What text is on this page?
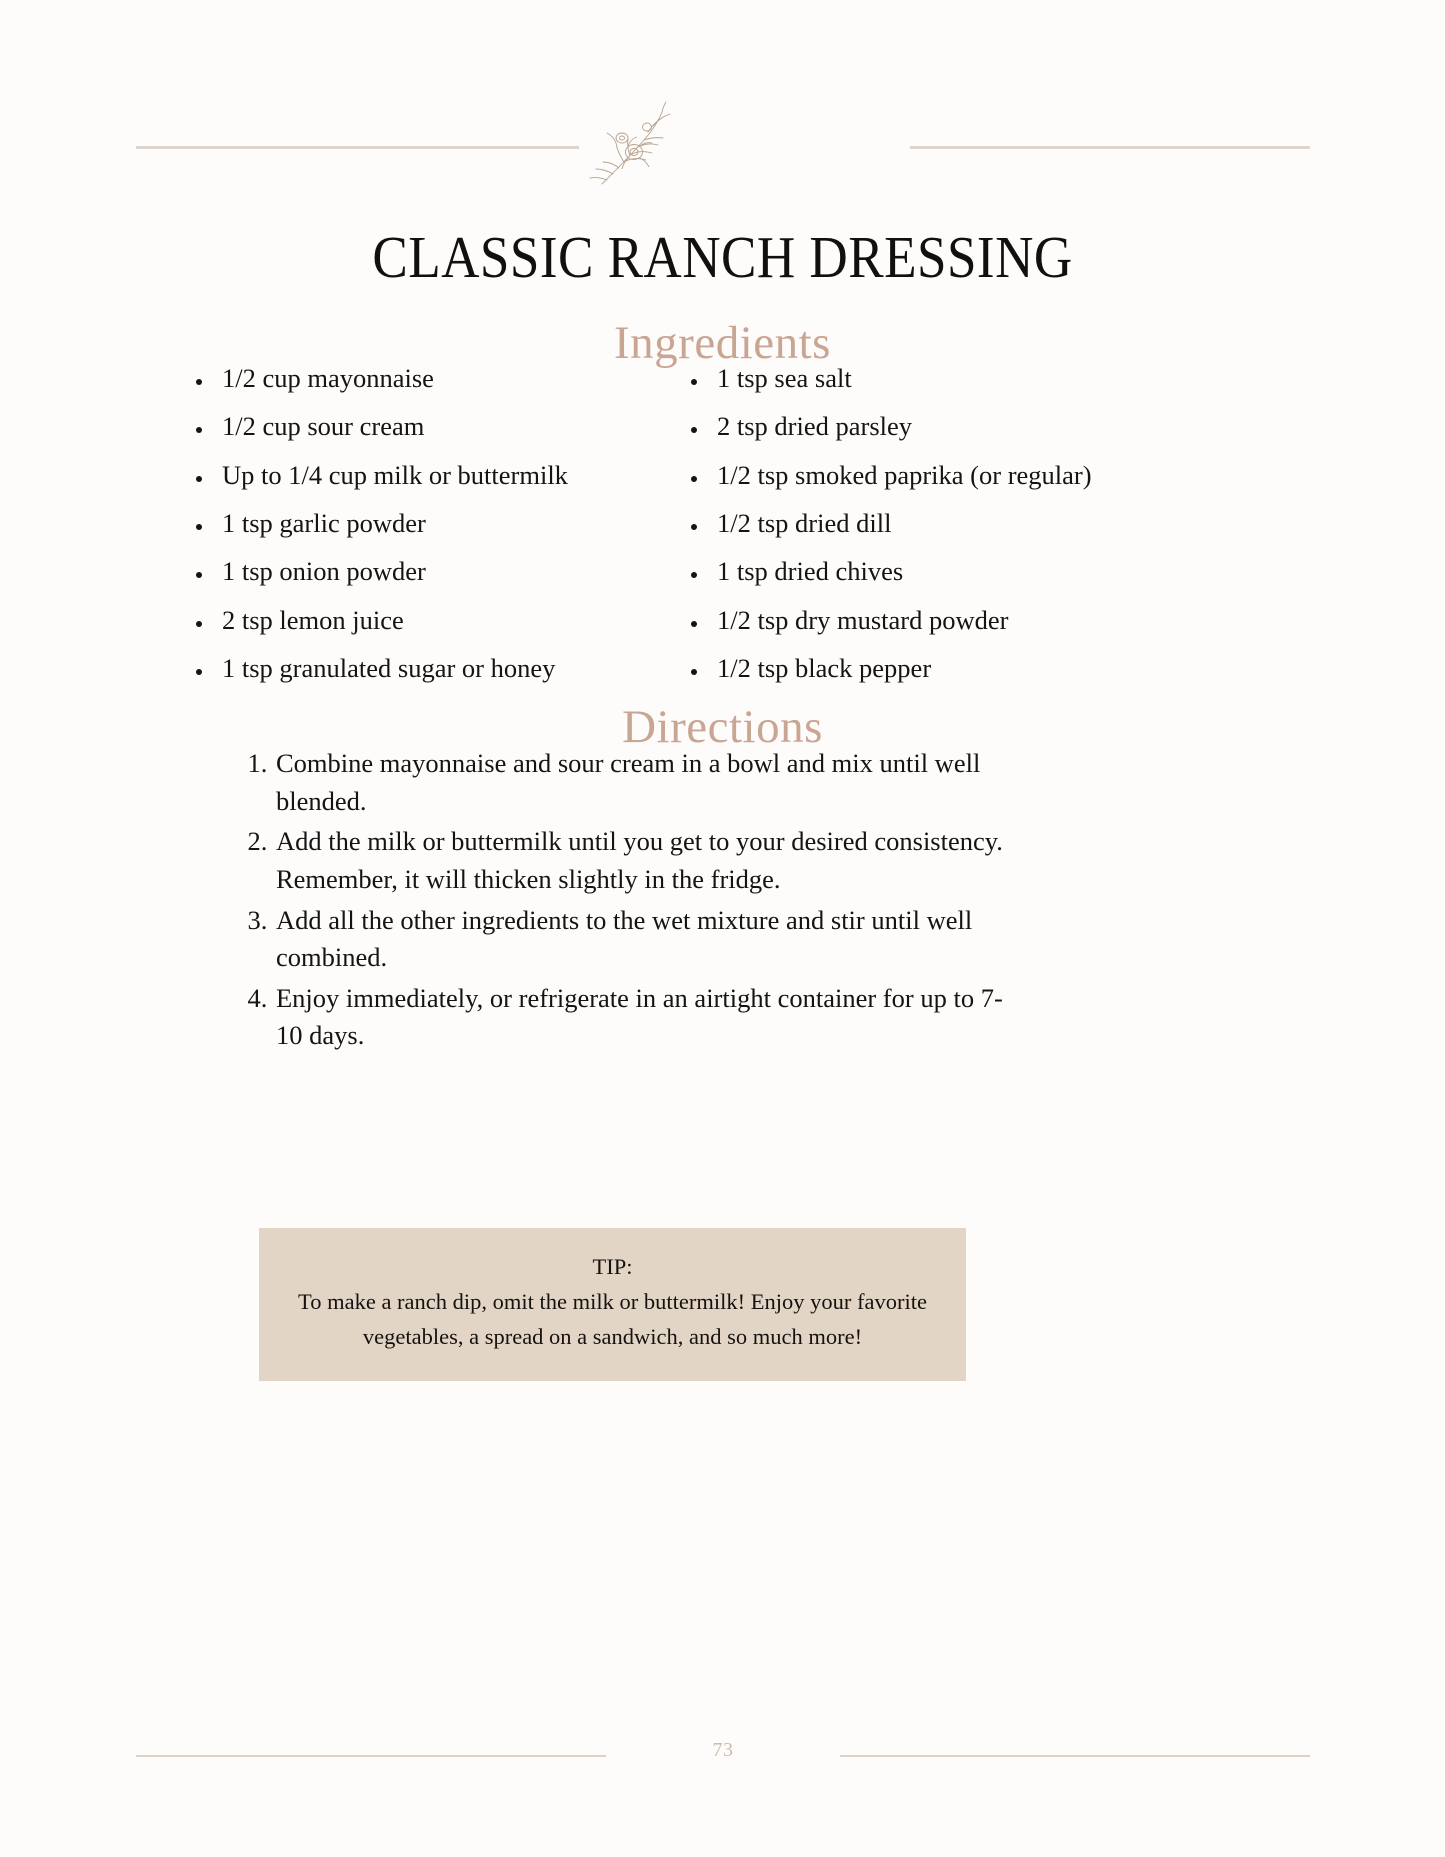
CLASSIC RANCH DRESSING
Ingredients
• 1/2 cup mayonnaise
• 1/2 cup sour cream
• Up to 1/4 cup milk or buttermilk
• 1 tsp garlic powder
• 1 tsp onion powder
• 2 tsp lemon juice
• 1 tsp granulated sugar or honey
• 1 tsp sea salt
• 2 tsp dried parsley
• 1/2 tsp smoked paprika (or regular)
• 1/2 tsp dried dill
• 1 tsp dried chives
• 1/2 tsp dry mustard powder
• 1/2 tsp black pepper
Directions
1. Combine mayonnaise and sour cream in a bowl and mix until well blended.
2. Add the milk or buttermilk until you get to your desired consistency. Remember, it will thicken slightly in the fridge.
3. Add all the other ingredients to the wet mixture and stir until well combined.
4. Enjoy immediately, or refrigerate in an airtight container for up to 7-10 days.
TIP:
To make a ranch dip, omit the milk or buttermilk! Enjoy your favorite vegetables, a spread on a sandwich, and so much more!
73
